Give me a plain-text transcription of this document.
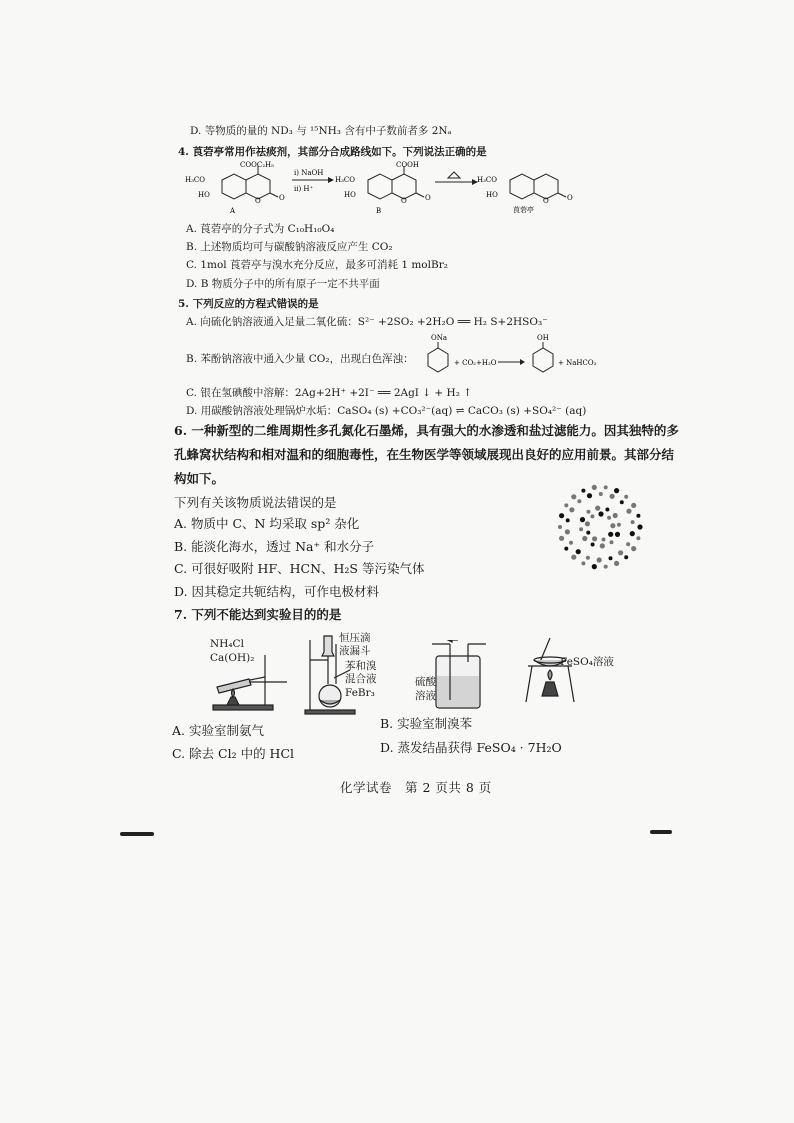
D. 等物质的量的 ND₃ 与 ¹⁵NH₃ 含有中子数前者多 2Nₐ
4. 莨菪亭常用作祛痰剂，其部分合成路线如下。下列说法正确的是
COOC₂H₅
H₃CO
HO
O	O
A
i) NaOH
ii) H⁺
COOH
H₃CO
HO
O	O
B
H₃CO
HO
O	O
莨菪亭
A. 莨菪亭的分子式为 C₁₀H₁₀O₄
B. 上述物质均可与碳酸钠溶液反应产生 CO₂
C. 1mol 莨菪亭与溴水充分反应，最多可消耗 1 molBr₂
D. B 物质分子中的所有原子一定不共平面
5. 下列反应的方程式错误的是
A. 向硫化钠溶液通入足量二氧化硫：S²⁻ +2SO₂ +2H₂O ══ H₂ S+2HSO₃⁻
B. 苯酚钠溶液中通入少量 CO₂，出现白色浑浊：
ONa
+ CO₂+H₂O
OH
+ NaHCO₃
C. 银在氢碘酸中溶解：2Ag+2H⁺ +2I⁻ ══ 2AgI ↓ + H₂ ↑
D. 用碳酸钠溶液处理锅炉水垢：CaSO₄ (s) +CO₃²⁻(aq) ⇌ CaCO₃ (s) +SO₄²⁻ (aq)
6. 一种新型的二维周期性多孔氮化石墨烯，具有强大的水渗透和盐过滤能力。因其独特的多
孔蜂窝状结构和相对温和的细胞毒性，在生物医学等领域展现出良好的应用前景。其部分结
构如下。
下列有关该物质说法错误的是
A. 物质中 C、N 均采取 sp² 杂化
B. 能淡化海水，透过 Na⁺ 和水分子
C. 可很好吸附 HF、HCN、H₂S 等污染气体
D. 因其稳定共轭结构，可作电极材料
7. 下列不能达到实验目的的是
NH₄Cl
Ca(OH)₂
恒压滴
液漏斗
苯和溴
混合液
FeBr₃
硫酸
溶液
FeSO₄溶液
A. 实验室制氨气	B. 实验室制溴苯
C. 除去 Cl₂ 中的 HCl	D. 蒸发结晶获得 FeSO₄ · 7H₂O
化学试卷　第 2 页共 8 页
